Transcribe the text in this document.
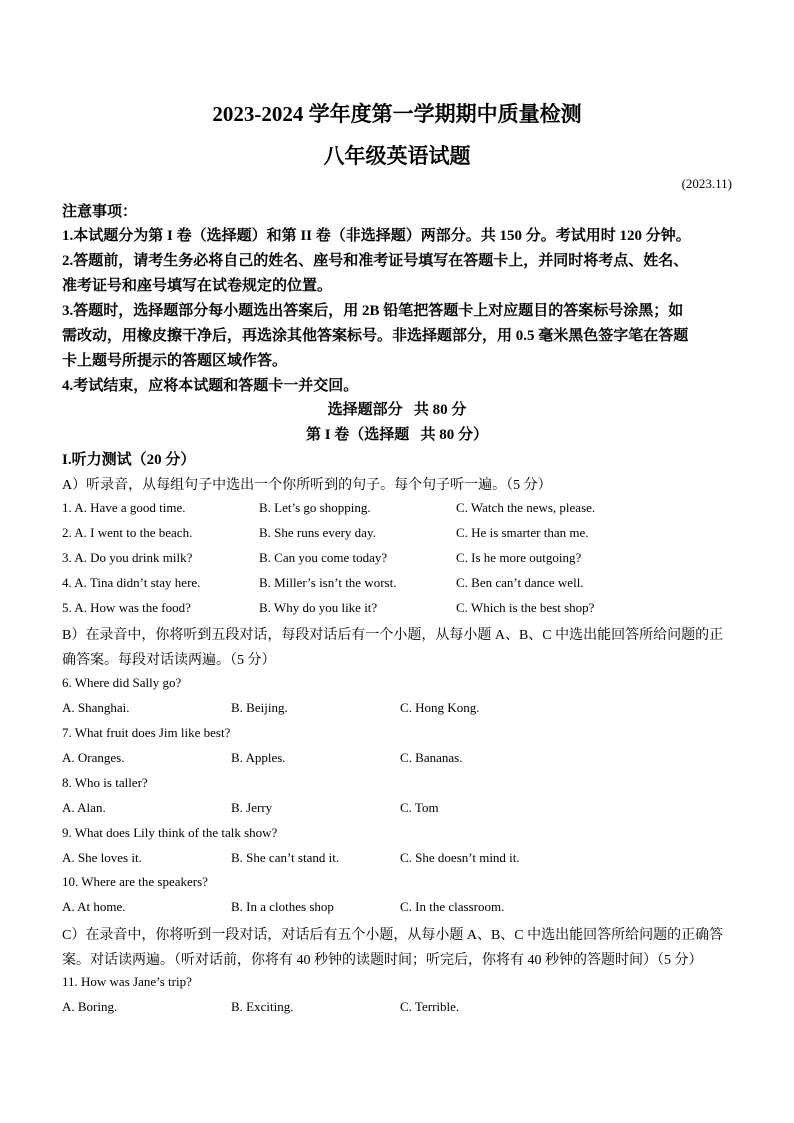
2023-2024 学年度第一学期期中质量检测
八年级英语试题
(2023.11)
注意事项：
1.本试题分为第 I 卷（选择题）和第 II 卷（非选择题）两部分。共 150 分。考试用时 120 分钟。
2.答题前，请考生务必将自己的姓名、座号和准考证号填写在答题卡上，并同时将考点、姓名、
准考证号和座号填写在试卷规定的位置。
3.答题时，选择题部分每小题选出答案后，用 2B 铅笔把答题卡上对应题目的答案标号涂黑；如
需改动，用橡皮擦干净后，再选涂其他答案标号。非选择题部分，用 0.5 毫米黑色签字笔在答题
卡上题号所提示的答题区域作答。
4.考试结束，应将本试题和答题卡一并交回。
选择题部分   共 80 分
第 I 卷（选择题   共 80 分）
I.听力测试（20 分）
A）听录音，从每组句子中选出一个你所听到的句子。每个句子听一遍。（5 分）
1. A. Have a good time.	B. Let’s go shopping.	C. Watch the news, please.
2. A. I went to the beach.	B. She runs every day.	C. He is smarter than me.
3. A. Do you drink milk?	B. Can you come today?	C. Is he more outgoing?
4. A. Tina didn’t stay here.	B. Miller’s isn’t the worst.	C. Ben can’t dance well.
5. A. How was the food?	B. Why do you like it?	C. Which is the best shop?
B）在录音中，你将听到五段对话，每段对话后有一个小题，从每小题 A、B、C 中选出能回答所给问题的正
确答案。每段对话读两遍。（5 分）
6. Where did Sally go?
A. Shanghai.	B. Beijing.	C. Hong Kong.
7. What fruit does Jim like best?
A. Oranges.	B. Apples.	C. Bananas.
8. Who is taller?
A. Alan.	B. Jerry	C. Tom
9. What does Lily think of the talk show?
A. She loves it.	B. She can’t stand it.	C. She doesn’t mind it.
10. Where are the speakers?
A. At home.	B. In a clothes shop	C. In the classroom.
C）在录音中，你将听到一段对话，对话后有五个小题，从每小题 A、B、C 中选出能回答所给问题的正确答
案。对话读两遍。（听对话前，你将有 40 秒钟的读题时间；听完后，你将有 40 秒钟的答题时间）（5 分）
11. How was Jane’s trip?
A. Boring.	B. Exciting.	C. Terrible.
